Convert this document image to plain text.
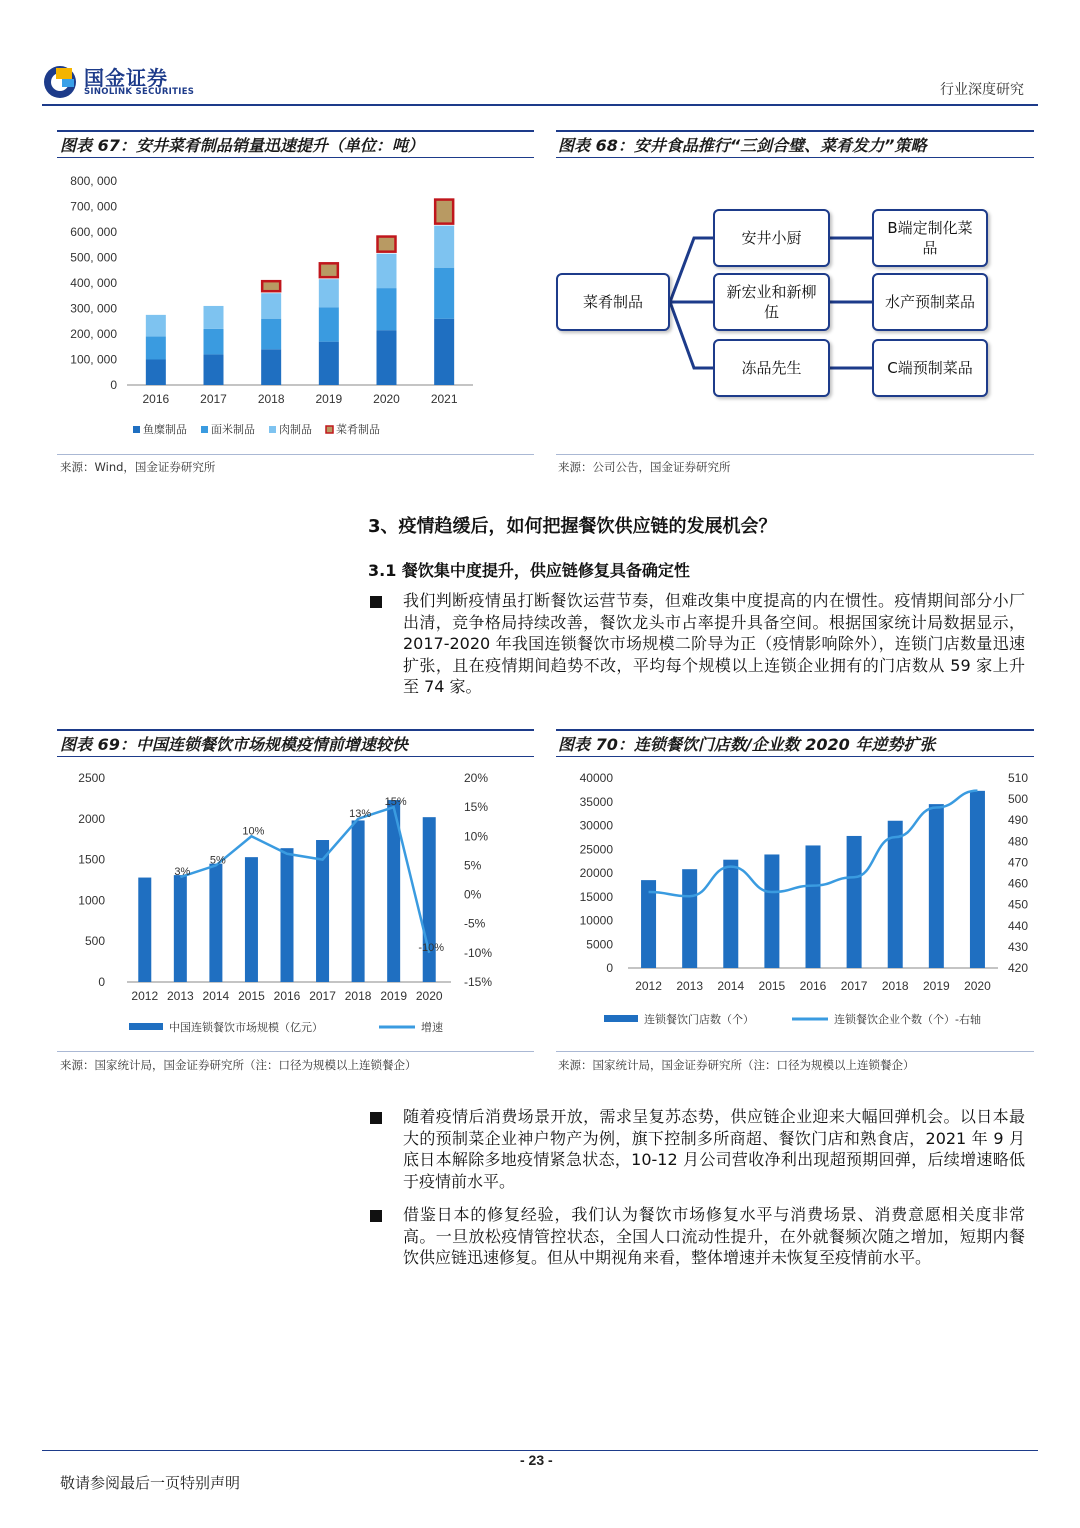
国金证券
SINOLINK SECURITIES	行业深度研究
图表 67：安井菜肴制品销量迅速提升（单位：吨）
800, 000
700, 000
600, 000
500, 000
400, 000
300, 000
200, 000
100, 000
0
2016	2017	2018	2019	2020	2021
鱼糜制品 面米制品 肉制品 菜肴制品
来源：Wind，国金证券研究所
图表 68：安井食品推行“三剑合璧、菜肴发力”策略
菜肴制品
安井小厨
新宏业和新柳伍
冻品先生
B端定制化菜品
水产预制菜品
C端预制菜品
来源：公司公告，国金证券研究所
3、疫情趋缓后，如何把握餐饮供应链的发展机会？
3.1 餐饮集中度提升，供应链修复具备确定性
我们判断疫情虽打断餐饮运营节奏，但难改集中度提高的内在惯性。疫情期间部分小厂出清，竞争格局持续改善，餐饮龙头市占率提升具备空间。根据国家统计局数据显示，2017-2020 年我国连锁餐饮市场规模二阶导为正（疫情影响除外），连锁门店数量迅速扩张，且在疫情期间趋势不改，平均每个规模以上连锁企业拥有的门店数从 59 家上升至 74 家。
图表 69：中国连锁餐饮市场规模疫情前增速较快
2500
2000
1500
1000
500
0
20%
15%
10%
5%
0%
-5%
-10%
-15%
2012 2013 2014 2015 2016 2017 2018 2019 2020
3%
5%
10%
13%
15%
-10%
中国连锁餐饮市场规模（亿元）	增速
来源：国家统计局，国金证券研究所（注：口径为规模以上连锁餐企）
图表 70：连锁餐饮门店数/企业数 2020 年逆势扩张
40000
35000
30000
25000
20000
15000
10000
5000
0
510
500
490
480
470
460
450
440
430
420
2012 2013 2014 2015 2016 2017 2018 2019 2020
连锁餐饮门店数（个）	连锁餐饮企业个数（个）-右轴
来源：国家统计局，国金证券研究所（注：口径为规模以上连锁餐企）
随着疫情后消费场景开放，需求呈复苏态势，供应链企业迎来大幅回弹机会。以日本最大的预制菜企业神户物产为例，旗下控制多所商超、餐饮门店和熟食店，2021 年 9 月底日本解除多地疫情紧急状态，10-12 月公司营收净利出现超预期回弹，后续增速略低于疫情前水平。
借鉴日本的修复经验，我们认为餐饮市场修复水平与消费场景、消费意愿相关度非常高。一旦放松疫情管控状态，全国人口流动性提升，在外就餐频次随之增加，短期内餐饮供应链迅速修复。但从中期视角来看，整体增速并未恢复至疫情前水平。
- 23 -
敬请参阅最后一页特别声明
